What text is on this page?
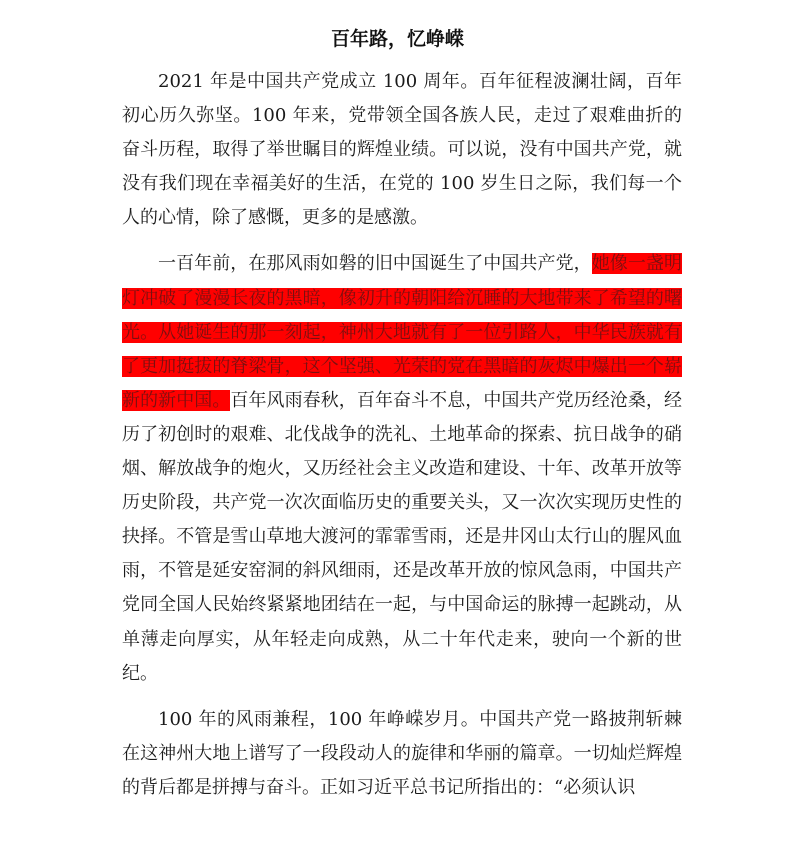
百年路，忆峥嵘

2021 年是中国共产党成立 100 周年。百年征程波澜壮阔，百年初心历久弥坚。100 年来，党带领全国各族人民，走过了艰难曲折的奋斗历程，取得了举世瞩目的辉煌业绩。可以说，没有中国共产党，就没有我们现在幸福美好的生活，在党的 100 岁生日之际，我们每一个人的心情，除了感慨，更多的是感激。

一百年前，在那风雨如磐的旧中国诞生了中国共产党，她像一盏明灯冲破了漫漫长夜的黑暗，像初升的朝阳给沉睡的大地带来了希望的曙光。从她诞生的那一刻起，神州大地就有了一位引路人，中华民族就有了更加挺拔的脊梁骨，这个坚强、光荣的党在黑暗的灰烬中爆出一个崭新的新中国。百年风雨春秋，百年奋斗不息，中国共产党历经沧桑，经历了初创时的艰难、北伐战争的洗礼、土地革命的探索、抗日战争的硝烟、解放战争的炮火，又历经社会主义改造和建设、十年、改革开放等历史阶段，共产党一次次面临历史的重要关头，又一次次实现历史性的抉择。不管是雪山草地大渡河的霏霏雪雨，还是井冈山太行山的腥风血雨，不管是延安窑洞的斜风细雨，还是改革开放的惊风急雨，中国共产党同全国人民始终紧紧地团结在一起，与中国命运的脉搏一起跳动，从单薄走向厚实，从年轻走向成熟，从二十年代走来，驶向一个新的世纪。

100 年的风雨兼程，100 年峥嵘岁月。中国共产党一路披荆斩棘在这神州大地上谱写了一段段动人的旋律和华丽的篇章。一切灿烂辉煌的背后都是拼搏与奋斗。正如习近平总书记所指出的：“必须认识
